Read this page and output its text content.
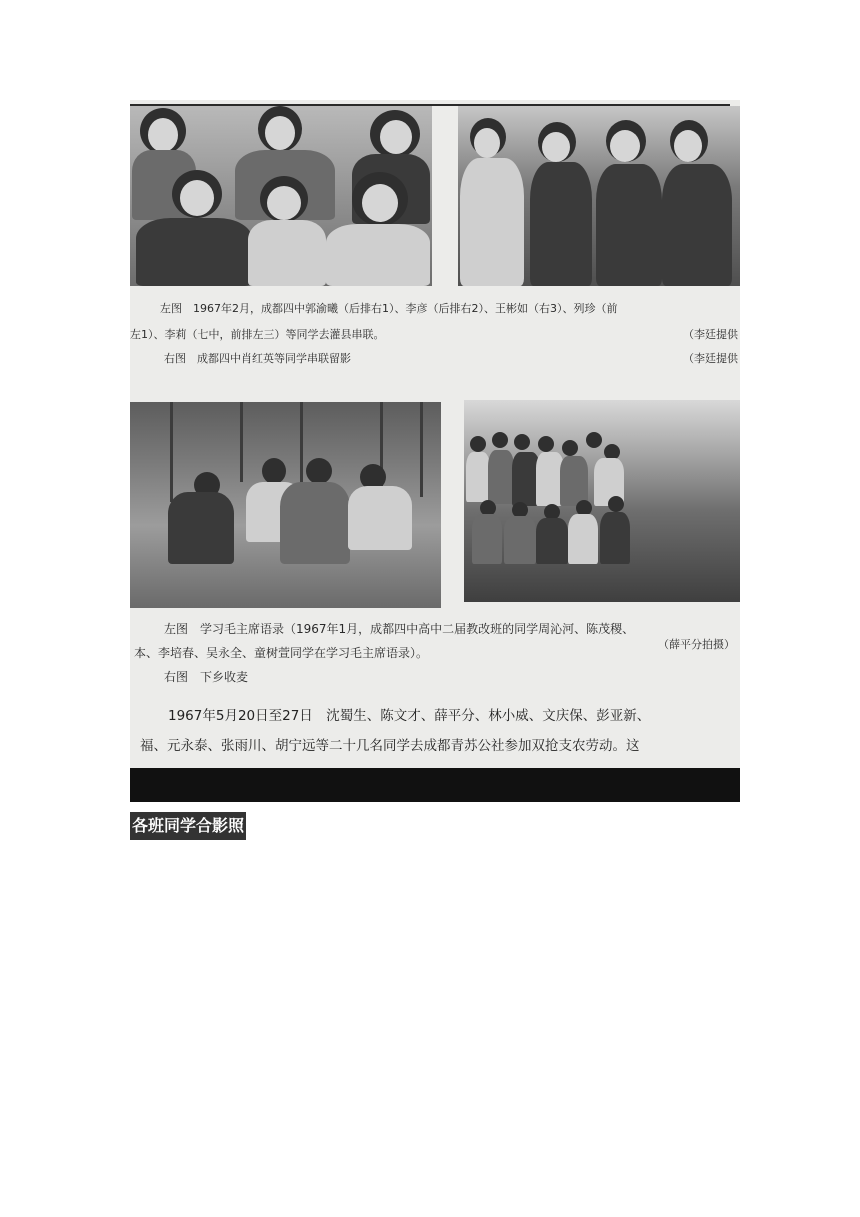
左图　1967年2月，成都四中郭渝曦（后排右1）、李彦（后排右2）、王彬如（右3）、列珍（前
左1）、李莉（七中，前排左三）等同学去灌县串联。	（李廷提供
右图　成都四中肖红英等同学串联留影	（李廷提供
左图　学习毛主席语录（1967年1月，成都四中高中二届教改班的同学周沁河、陈茂稷、
（薛平分拍摄）
本、李培春、吴永全、童树萱同学在学习毛主席语录）。
右图　下乡收麦
1967年5月20日至27日　沈蜀生、陈文才、薛平分、林小威、文庆保、彭亚新、
福、元永泰、张雨川、胡宁远等二十几名同学去成都青苏公社参加双抢支农劳动。这
各班同学合影照
